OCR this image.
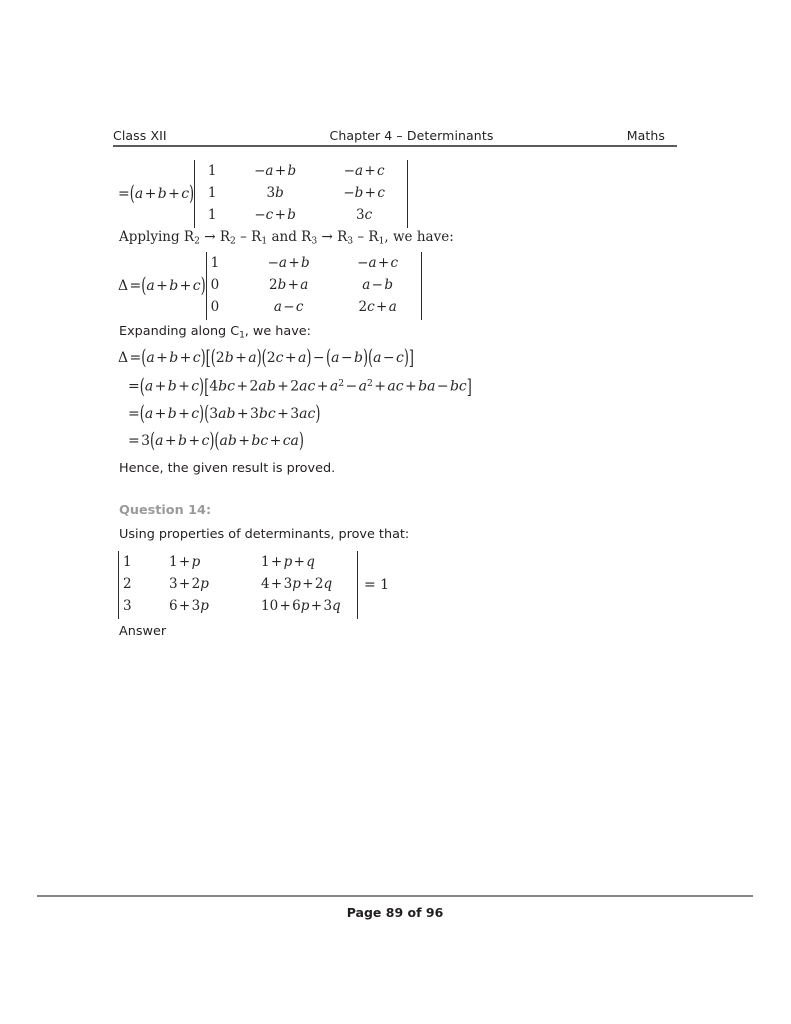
Class XII	Chapter 4 – Determinants	Maths
=(a + b + c)
1	−a + b	−a + c
1	3b	−b + c
1	−c + b	3c
Applying $R_2 \to R_2 - R_1$ and $R_3 \to R_3 - R_1$, we have:
Δ =(a + b + c)
1	−a + b	−a + c
0	2b + a	a − b
0	a − c	2c + a
Expanding along $C_1$, we have:
Δ =(a + b + c)[(2b + a)(2c + a) − (a − b)(a − c)]
=(a + b + c)[4bc + 2ab + 2ac + $a^2$ − $a^2$ + ac + ba − bc]
=(a + b + c)(3ab + 3bc + 3ac)
= 3(a + b + c)(ab + bc + ca)
Hence, the given result is proved.
Question 14:
Using properties of determinants, prove that:
1	1 + p	1 + p + q
2	3 + 2p	4 + 3p + 2q
3	6 + 3p	10 + 6p + 3q
= 1
Answer
Page 89 of 96
